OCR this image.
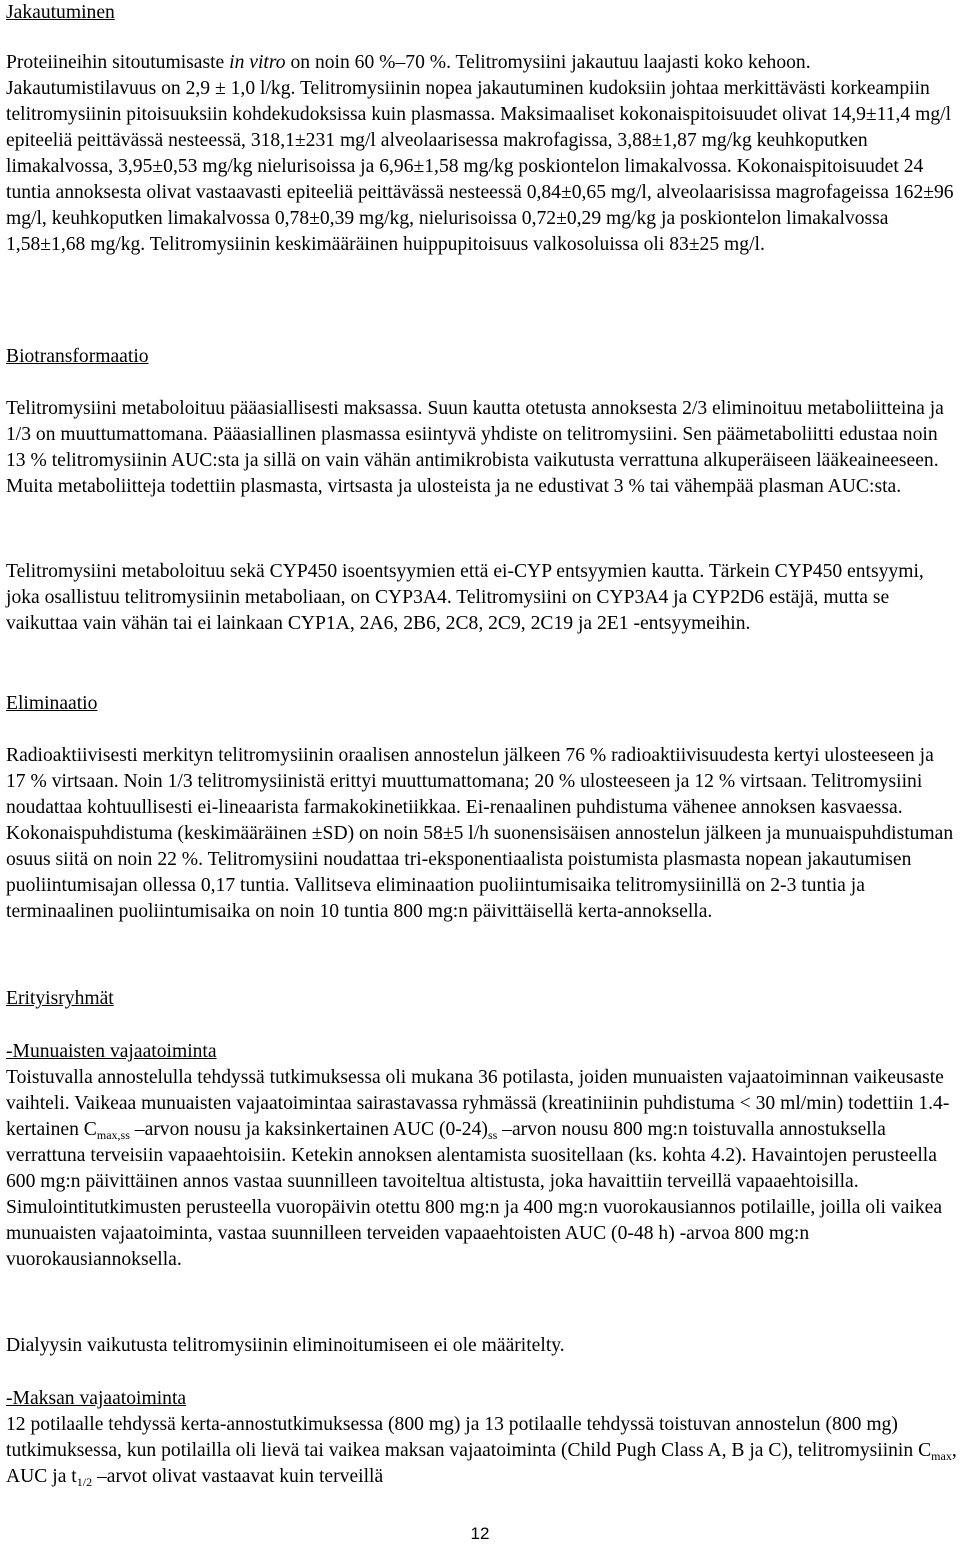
Jakautuminen

Proteiineihin sitoutumisaste in vitro on noin 60 %–70 %. Telitromysiini jakautuu laajasti koko kehoon. Jakautumistilavuus on 2,9 ± 1,0 l/kg. Telitromysiinin nopea jakautuminen kudoksiin johtaa merkittävästi korkeampiin telitromysiinin pitoisuuksiin kohdekudoksissa kuin plasmassa. Maksimaaliset kokonaispitoisuudet olivat 14,9±11,4 mg/l epiteeliä peittävässä nesteessä, 318,1±231 mg/l alveolaarisessa makrofagissa, 3,88±1,87 mg/kg keuhkoputken limakalvossa, 3,95±0,53 mg/kg nielurisoissa ja 6,96±1,58 mg/kg poskiontelon limakalvossa. Kokonaispitoisuudet 24 tuntia annoksesta olivat vastaavasti epiteeliä peittävässä nesteessä 0,84±0,65 mg/l, alveolaarisissa magrofageissa 162±96 mg/l, keuhkoputken limakalvossa 0,78±0,39 mg/kg, nielurisoissa 0,72±0,29 mg/kg ja poskiontelon limakalvossa 1,58±1,68 mg/kg. Telitromysiinin keskimääräinen huippupitoisuus valkosoluissa oli 83±25 mg/l.

Biotransformaatio

Telitromysiini metaboloituu pääasiallisesti maksassa. Suun kautta otetusta annoksesta 2/3 eliminoituu metaboliitteina ja 1/3 on muuttumattomana. Pääasiallinen plasmassa esiintyvä yhdiste on telitromysiini. Sen päämetaboliitti edustaa noin 13 % telitromysiinin AUC:sta ja sillä on vain vähän antimikrobista vaikutusta verrattuna alkuperäiseen lääkeaineeseen. Muita metaboliitteja todettiin plasmasta, virtsasta ja ulosteista ja ne edustivat 3 % tai vähempää plasman AUC:sta.

Telitromysiini metaboloituu sekä CYP450 isoentsyymien että ei-CYP entsyymien kautta. Tärkein CYP450 entsyymi, joka osallistuu telitromysiinin metaboliaan, on CYP3A4. Telitromysiini on CYP3A4 ja CYP2D6 estäjä, mutta se vaikuttaa vain vähän tai ei lainkaan CYP1A, 2A6, 2B6, 2C8, 2C9, 2C19 ja 2E1 -entsyymeihin.

Eliminaatio

Radioaktiivisesti merkityn telitromysiinin oraalisen annostelun jälkeen 76 % radioaktiivisuudesta kertyi ulosteeseen ja 17 % virtsaan. Noin 1/3 telitromysiinistä erittyi muuttumattomana; 20 % ulosteeseen ja 12 % virtsaan. Telitromysiini noudattaa kohtuullisesti ei-lineaarista farmakokinetiikkaa. Ei-renaalinen puhdistuma vähenee annoksen kasvaessa. Kokonaispuhdistuma (keskimääräinen ±SD) on noin 58±5 l/h suonensisäisen annostelun jälkeen ja munuaispuhdistuman osuus siitä on noin 22 %. Telitromysiini noudattaa tri-eksponentiaalista poistumista plasmasta nopean jakautumisen puoliintumisajan ollessa 0,17 tuntia. Vallitseva eliminaation puoliintumisaika telitromysiinillä on 2-3 tuntia ja terminaalinen puoliintumisaika on noin 10 tuntia 800 mg:n päivittäisellä kerta-annoksella.

Erityisryhmät

-Munuaisten vajaatoiminta

Toistuvalla annostelulla tehdyssä tutkimuksessa oli mukana 36 potilasta, joiden munuaisten vajaatoiminnan vaikeusaste vaihteli. Vaikeaa munuaisten vajaatoimintaa sairastavassa ryhmässä (kreatiniinin puhdistuma < 30 ml/min) todettiin 1.4-kertainen $C_{max,ss}$ –arvon nousu ja kaksinkertainen AUC $(0-24)_{ss}$ –arvon nousu 800 mg:n toistuvalla annostuksella verrattuna terveisiin vapaaehtoisiin. Ketekin annoksen alentamista suositellaan (ks. kohta 4.2). Havaintojen perusteella 600 mg:n päivittäinen annos vastaa suunnilleen tavoiteltua altistusta, joka havaittiin terveillä vapaaehtoisilla. Simulointitutkimusten perusteella vuoropäivin otettu 800 mg:n ja 400 mg:n vuorokausiannos potilaille, joilla oli vaikea munuaisten vajaatoiminta, vastaa suunnilleen terveiden vapaaehtoisten AUC (0-48 h) -arvoa 800 mg:n vuorokausiannoksella.

Dialyysin vaikutusta telitromysiinin eliminoitumiseen ei ole määritelty.

-Maksan vajaatoiminta

12 potilaalle tehdyssä kerta-annostutkimuksessa (800 mg) ja 13 potilaalle tehdyssä toistuvan annostelun (800 mg) tutkimuksessa, kun potilailla oli lievä tai vaikea maksan vajaatoiminta (Child Pugh Class A, B ja C), telitromysiinin $C_{max}$, AUC ja $t_{1/2}$ –arvot olivat vastaavat kuin terveillä

12
